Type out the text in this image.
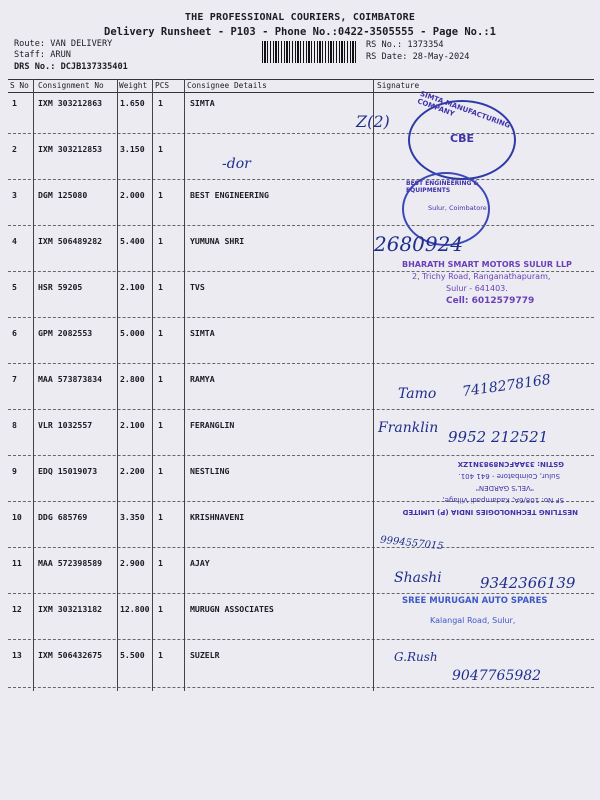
THE PROFESSIONAL COURIERS, COIMBATORE
Delivery Runsheet - P103 - Phone No.:0422-3505555 - Page No.:1
Route: VAN DELIVERY
Staff: ARUN
DRS No.: DCJB137335401
RS No.: 1373354
RS Date: 28-May-2024
S No Consignment No Weight PCS Consignee Details	Signature
1	IXM 303212863 1.650 1	SIMTA
2	IXM 303212853 3.150 1
3	DGM 125080	2.000 1	BEST ENGINEERING
4	IXM 506489282 5.400 1	YUMUNA SHRI
5	HSR 59205	2.100 1	TVS
6	GPM 2082553	5.000 1	SIMTA
7	MAA 573873834 2.800 1	RAMYA
8	VLR 1032557	2.100 1	FERANGLIN
9	EDQ 15019073	2.200 1	NESTLING
10 DDG 685769	3.350 1	KRISHNAVENI
11 MAA 572398589 2.900 1	AJAY
12 IXM 303213182 12.800 1	MURUGN ASSOCIATES
13 IXM 506432675 5.500 1	SUZELR
SIMTA MANUFACTURING COMPANY
CBE
Z(2)
-dor
BEST ENGINEERING & EQUIPMENTS
Sulur, Coimbatore
2680924
BHARATH SMART MOTORS SULUR LLP
2, Trichy Road, Ranganathapuram,
Sulur - 641403.
Cell: 6012579779
Tamo 7418278168
Franklin 9952 212521
NESTLING TECHNOLOGIES INDIA (P) LIMITED
SF No: 108/6A, Kadampadi Village,
"VEL'S GARDEN"
Sulur, Coimbatore - 641 401.
GSTIN: 33AAFCN8983N1ZX
9994557015
Shashi	9342366139
SREE MURUGAN AUTO SPARES
Kalangal Road, Sulur,
G.Rush
9047765982
